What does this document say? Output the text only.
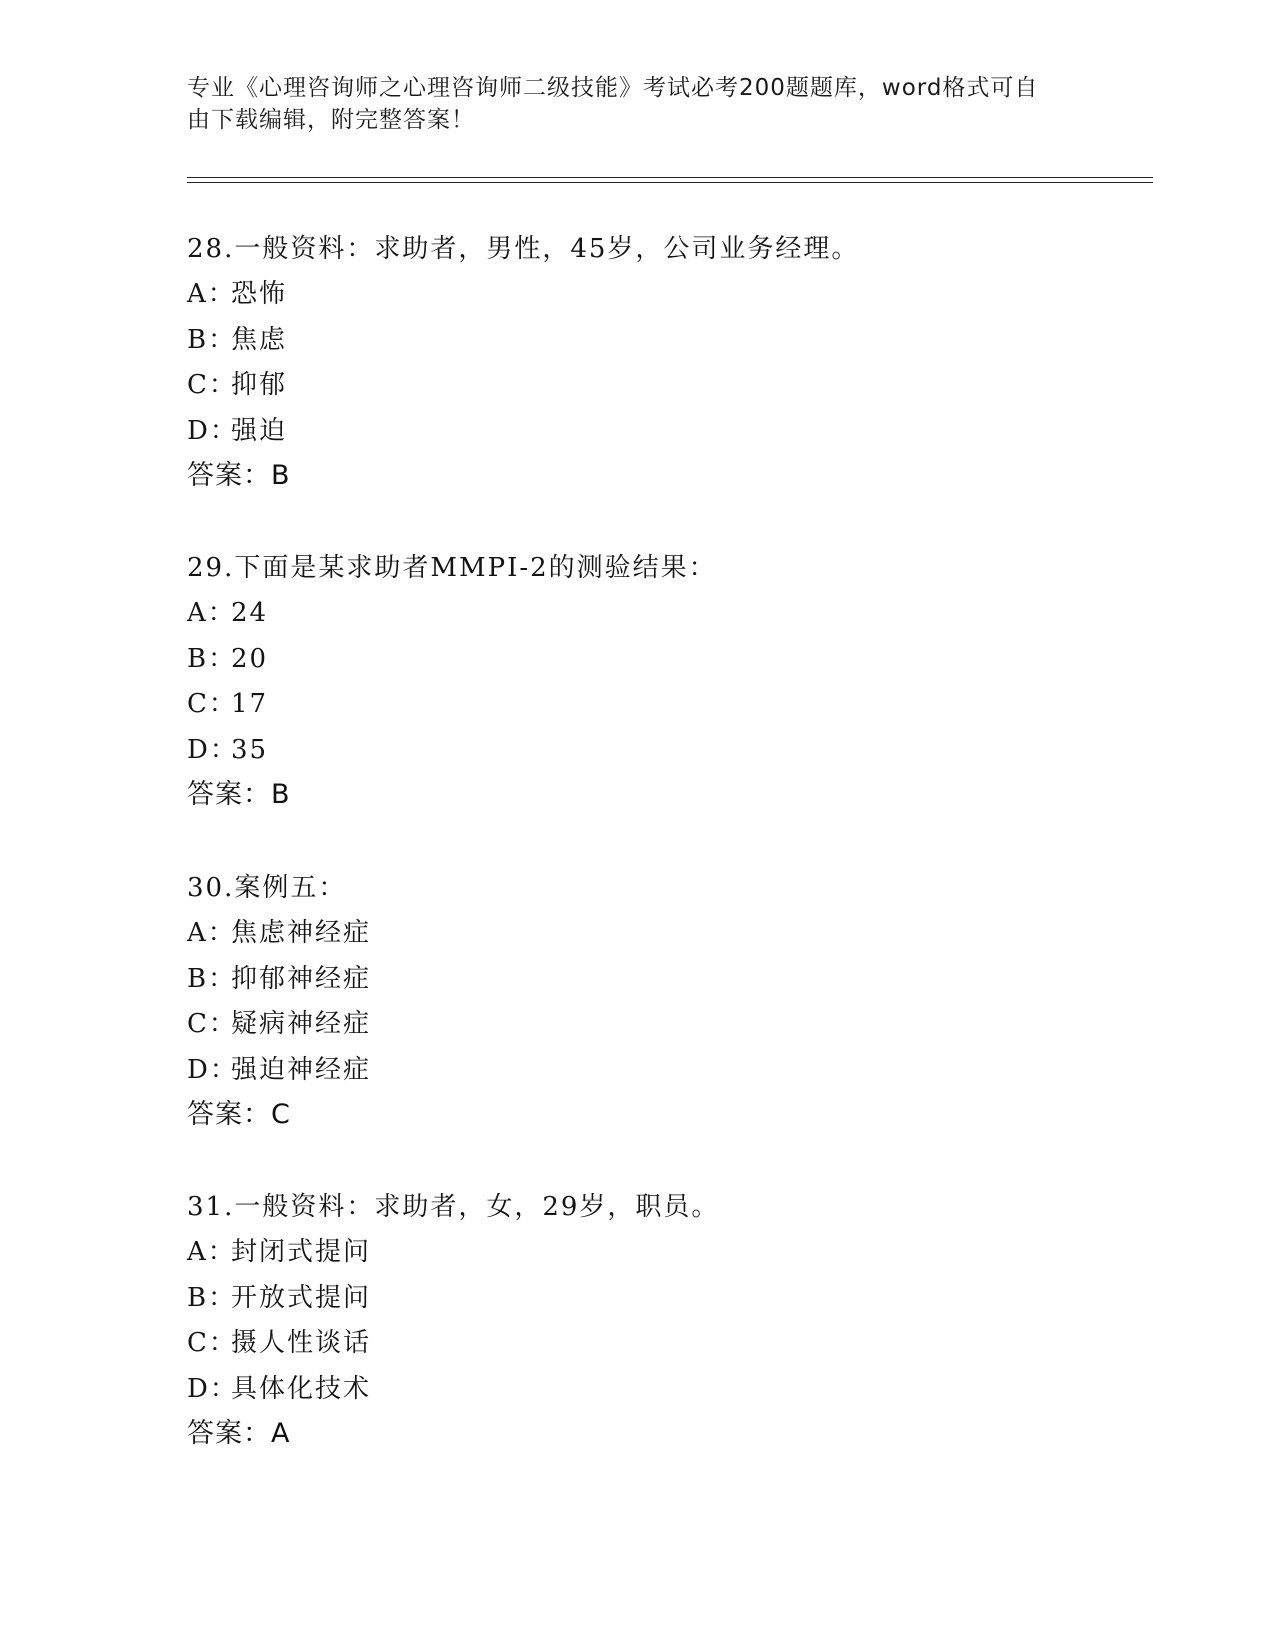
专业《心理咨询师之心理咨询师二级技能》考试必考200题题库，word格式可自
由下载编辑，附完整答案！
28.一般资料：求助者，男性，45岁，公司业务经理。
A：恐怖
B：焦虑
C：抑郁
D：强迫
答案：B
29.下面是某求助者MMPI-2的测验结果：
A：24
B：20
C：17
D：35
答案：B
30.案例五：
A：焦虑神经症
B：抑郁神经症
C：疑病神经症
D：强迫神经症
答案：C
31.一般资料：求助者，女，29岁，职员。
A：封闭式提问
B：开放式提问
C：摄人性谈话
D：具体化技术
答案：A
